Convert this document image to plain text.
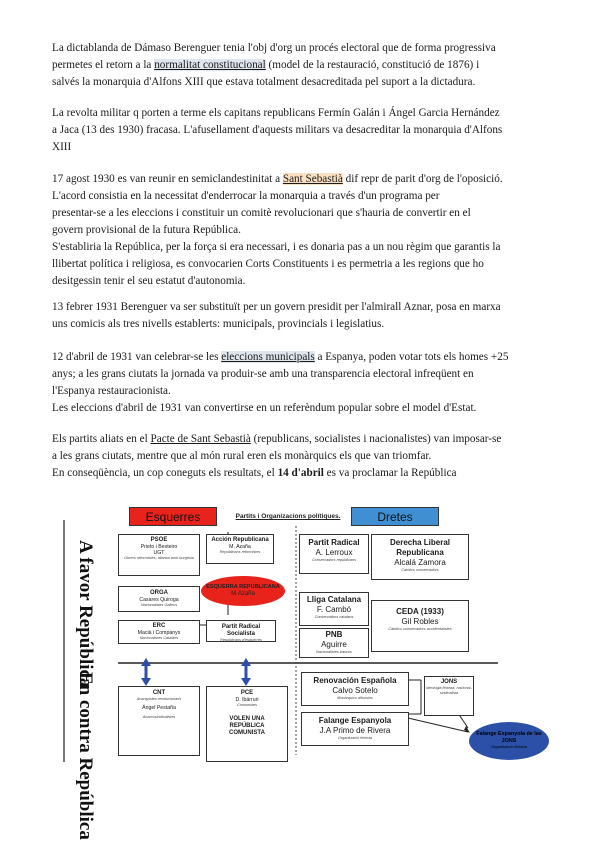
La dictablanda de Dámaso Berenguer tenia l'obj d'org un procés electoral que de forma progressiva
permetes el retorn a la normalitat constitucional (model de la restauració, constitució de 1876) i
salvés la monarquia d'Alfons XIII que estava totalment desacreditada pel suport a la dictadura.

La revolta militar q porten a terme els capitans republicans Fermín Galán i Ángel Garcia Hernández
a Jaca (13 des 1930) fracasa. L'afusellament d'aquests militars va desacreditar la monarquia d'Alfons
XIII

17 agost 1930 es van reunir en semiclandestinitat a Sant Sebastià dif repr de parit d'org de l'oposició.
L'acord consistia en la necessitat d'enderrocar la monarquia a través d'un programa per
presentar-se a les eleccions i constituir un comitè revolucionari que s'hauria de convertir en el
govern provisional de la futura República.
S'establiria la República, per la força si era necessari, i es donaria pas a un nou règim que garantis la
llibertat política i religiosa, es convocarien Corts Constituents i es permetria a les regions que ho
desitgessin tenir el seu estatut d'autonomia.

13 febrer 1931 Berenguer va ser substituït per un govern presidit per l'almirall Aznar, posa en marxa
uns comicis als tres nivells establerts: municipals, provincials i legislatius.

12 d'abril de 1931 van celebrar-se les eleccions municipals a Espanya, poden votar tots els homes +25
anys; a les grans ciutats la jornada va produir-se amb una transparencia electoral infreqüent en
l'Espanya restauracionista.
Les eleccions d'abril de 1931 van convertirse en un referèndum popular sobre el model d'Estat.

Els partits aliats en el Pacte de Sant Sebastià (republicans, socialistes i nacionalistes) van imposar-se
a les grans ciutats, mentre que al món rural eren els monàrquics els que van triomfar.
En conseqüència, un cop coneguts els resultats, el 14 d'abril es va proclamar la República

Esquerres	Partits i Organizacions polítiques.	Dretes
A favor República
En contra República
PSOE
Prieto i Besteiro
UGT
Obrers reformistes, alianza amb burgesia
Acción Republicana
M. Azaña
Republicans reformistes
ESQUERRA REPUBLICANA
M.Azaña
ORGA
Casares Quiroga
Nacionalistes Gallecs
ERC
Macià i Companys
Nacionalistes Catalans
Partit Radical Socialista
Republicans d'esquerres
Partit Radical
A. Lerroux
Conservadors republicans
Lliga Catalana
F. Cambó
Conservadors catalans
PNB
Aguirre
Nacionalistes bascos
Derecha Liberal Republicana
Alcalá Zamora
Catòlics conservadors
CEDA (1933)
Gil Robles
Catòlics conservadors accidentalistes
CNT
Anarquistes revolucionaris
Ángel Pestaña
Anarcosindicalistes
PCE
D. Ibárruri
Comunistes
VOLEN UNA REPÚBLICA COMUNISTA
Renovación Española
Calvo Sotelo
Monàrquics alfonsins
Falange Espanyola
J.A Primo de Rivera
Organització feixista
JONS
Ideologia feixista, nacional-sindicalista
Falange Espanyola de las JONS
Organització feixista
